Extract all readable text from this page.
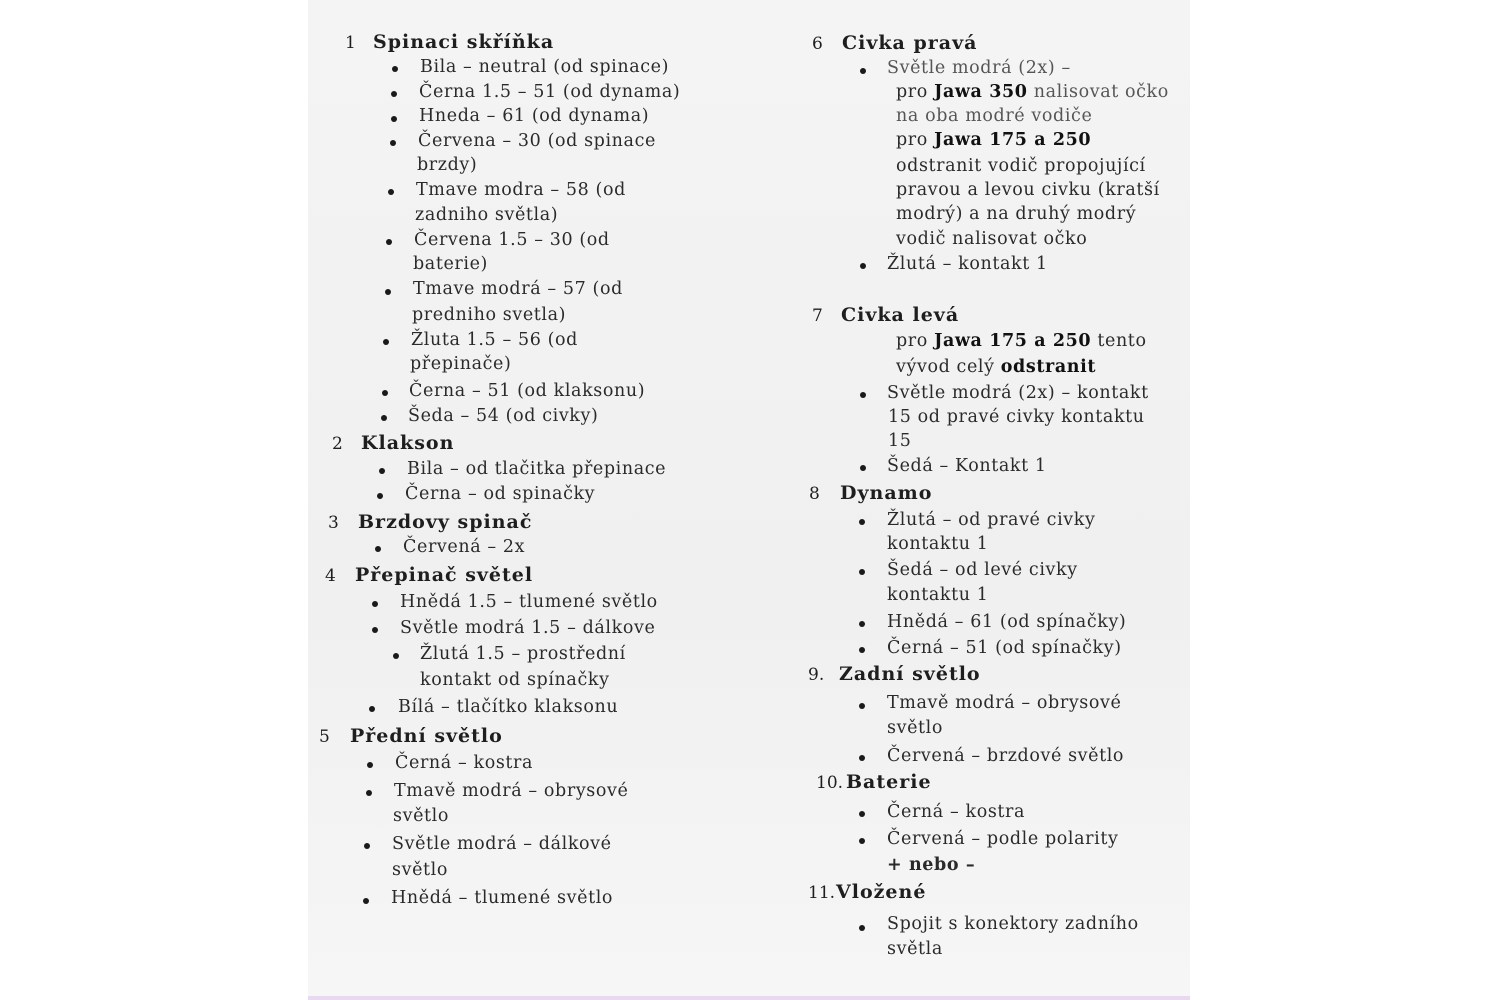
1 Spinaci skříňka
Bila – neutral (od spinace)
Černa 1.5 – 51 (od dynama)
Hneda – 61 (od dynama)
Červena – 30 (od spinace
brzdy)
Tmave modra – 58 (od
zadniho světla)
Červena 1.5 – 30 (od
baterie)
Tmave modrá – 57 (od
predniho svetla)
Žluta 1.5 – 56 (od
přepinače)
Černa – 51 (od klaksonu)
Šeda – 54 (od civky)
2 Klakson
Bila – od tlačitka přepinace
Černa – od spinačky
3 Brzdovy spinač
Červená – 2x
4 Přepinač světel
Hnědá 1.5 – tlumené světlo
Světle modrá 1.5 – dálkove
Žlutá 1.5 – prostřední
kontakt od spínačky
Bílá – tlačítko klaksonu
5 Přední světlo
Černá – kostra
Tmavě modrá – obrysové
světlo
Světle modrá – dálkové
světlo
Hnědá – tlumené světlo
6 Civka pravá
Světle modrá (2x) –
pro Jawa 350 nalisovat očko
na oba modré vodiče
pro Jawa 175 a 250
odstranit vodič propojující
pravou a levou civku (kratší
modrý) a na druhý modrý
vodič nalisovat očko
Žlutá – kontakt 1
7 Civka levá
pro Jawa 175 a 250 tento
vývod celý odstranit
Světle modrá (2x) – kontakt
15 od pravé civky kontaktu
15
Šedá – Kontakt 1
8 Dynamo
Žlutá – od pravé civky
kontaktu 1
Šedá – od levé civky
kontaktu 1
Hnědá – 61 (od spínačky)
Černá – 51 (od spínačky)
9. Zadní světlo
Tmavě modrá – obrysové
světlo
Červená – brzdové světlo
10. Baterie
Černá – kostra
Červená – podle polarity
+ nebo –
11. Vložené
Spojit s konektory zadního
světla
